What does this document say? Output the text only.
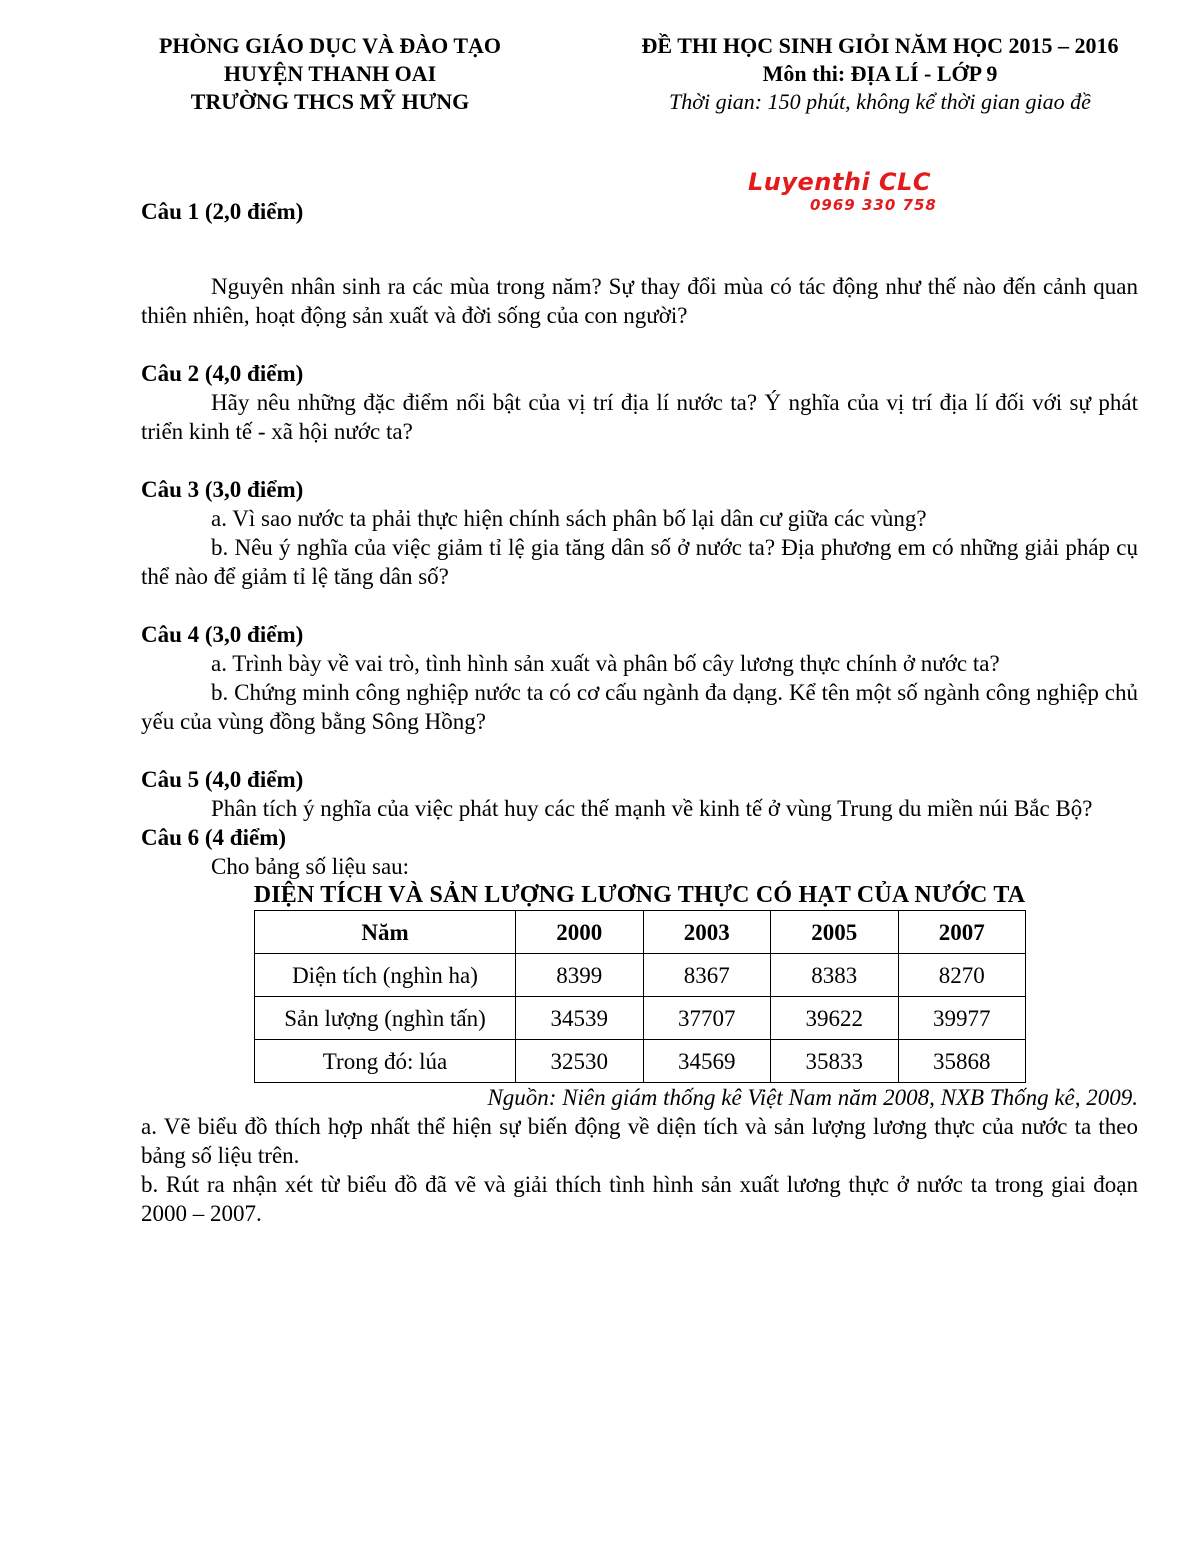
PHÒNG GIÁO DỤC VÀ ĐÀO TẠO
HUYỆN THANH OAI
TRƯỜNG THCS MỸ HƯNG
ĐỀ THI HỌC SINH GIỎI NĂM HỌC 2015 – 2016
Môn thi: ĐỊA LÍ - LỚP 9
Thời gian: 150 phút, không kể thời gian giao đề
Luyenthi CLC
0969 330 758

Câu 1 (2,0 điểm)

Nguyên nhân sinh ra các mùa trong năm? Sự thay đổi mùa có tác động như thế nào đến cảnh quan thiên nhiên, hoạt động sản xuất và đời sống của con người?

Câu 2 (4,0 điểm)

Hãy nêu những đặc điểm nổi bật của vị trí địa lí nước ta? Ý nghĩa của vị trí địa lí đối với sự phát triển kinh tế - xã hội nước ta?

Câu 3 (3,0 điểm)

a. Vì sao nước ta phải thực hiện chính sách phân bố lại dân cư giữa các vùng?

b. Nêu ý nghĩa của việc giảm tỉ lệ gia tăng dân số ở nước ta? Địa phương em có những giải pháp cụ thể nào để giảm tỉ lệ tăng dân số?

Câu 4 (3,0 điểm)

a. Trình bày về vai trò, tình hình sản xuất và phân bố cây lương thực chính ở nước ta?

b. Chứng minh công nghiệp nước ta có cơ cấu ngành đa dạng. Kể tên một số ngành công nghiệp chủ yếu của vùng đồng bằng Sông Hồng?

Câu 5 (4,0 điểm)

Phân tích ý nghĩa của việc phát huy các thế mạnh về kinh tế ở vùng Trung du miền núi Bắc Bộ?

Câu 6 (4 điểm)

Cho bảng số liệu sau:

DIỆN TÍCH VÀ SẢN LƯỢNG LƯƠNG THỰC CÓ HẠT CỦA NƯỚC TA

Năm	2000	2003	2005	2007
Diện tích (nghìn ha)	8399	8367	8383	8270
Sản lượng (nghìn tấn)	34539	37707	39622	39977
Trong đó: lúa	32530	34569	35833	35868

Nguồn: Niên giám thống kê Việt Nam năm 2008, NXB Thống kê, 2009.

a. Vẽ biểu đồ thích hợp nhất thể hiện sự biến động về diện tích và sản lượng lương thực của nước ta theo bảng số liệu trên.

b. Rút ra nhận xét từ biểu đồ đã vẽ và giải thích tình hình sản xuất lương thực ở nước ta trong giai đoạn 2000 – 2007.
